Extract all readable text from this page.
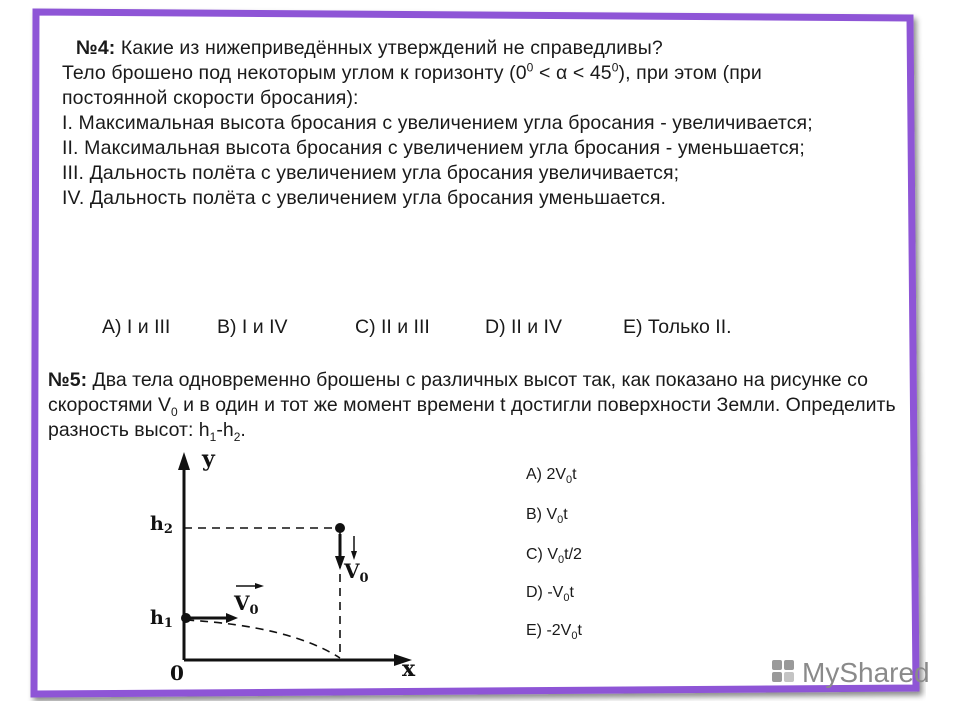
№4: Какие из нижеприведённых утверждений не справедливы?
Тело брошено под некоторым углом к горизонту $(0^0 < \alpha < 45^0)$, при этом (при постоянной скорости бросания):
I. Максимальная высота бросания с увеличением угла бросания - увеличивается;
II. Максимальная высота бросания с увеличением угла бросания - уменьшается;
III. Дальность полёта с увеличением угла бросания увеличивается;
IV. Дальность полёта с увеличением угла бросания уменьшается.
A) I и III B) I и IV	C) II и III	D) II и IV	E) Только II.
№5: Два тела одновременно брошены с различных высот так, как показано на рисунке со скоростями $V_0$ и в один и тот же момент времени t достигли поверхности Земли. Определить разность высот: $h_1-h_2$.
y
x
0
h2
$V_0$
h1
$V_0$
A) $2V_0t$
B) $V_0t$
C) $V_0t/2$
D) $-V_0t$
E) $-2V_0t$
MyShared
